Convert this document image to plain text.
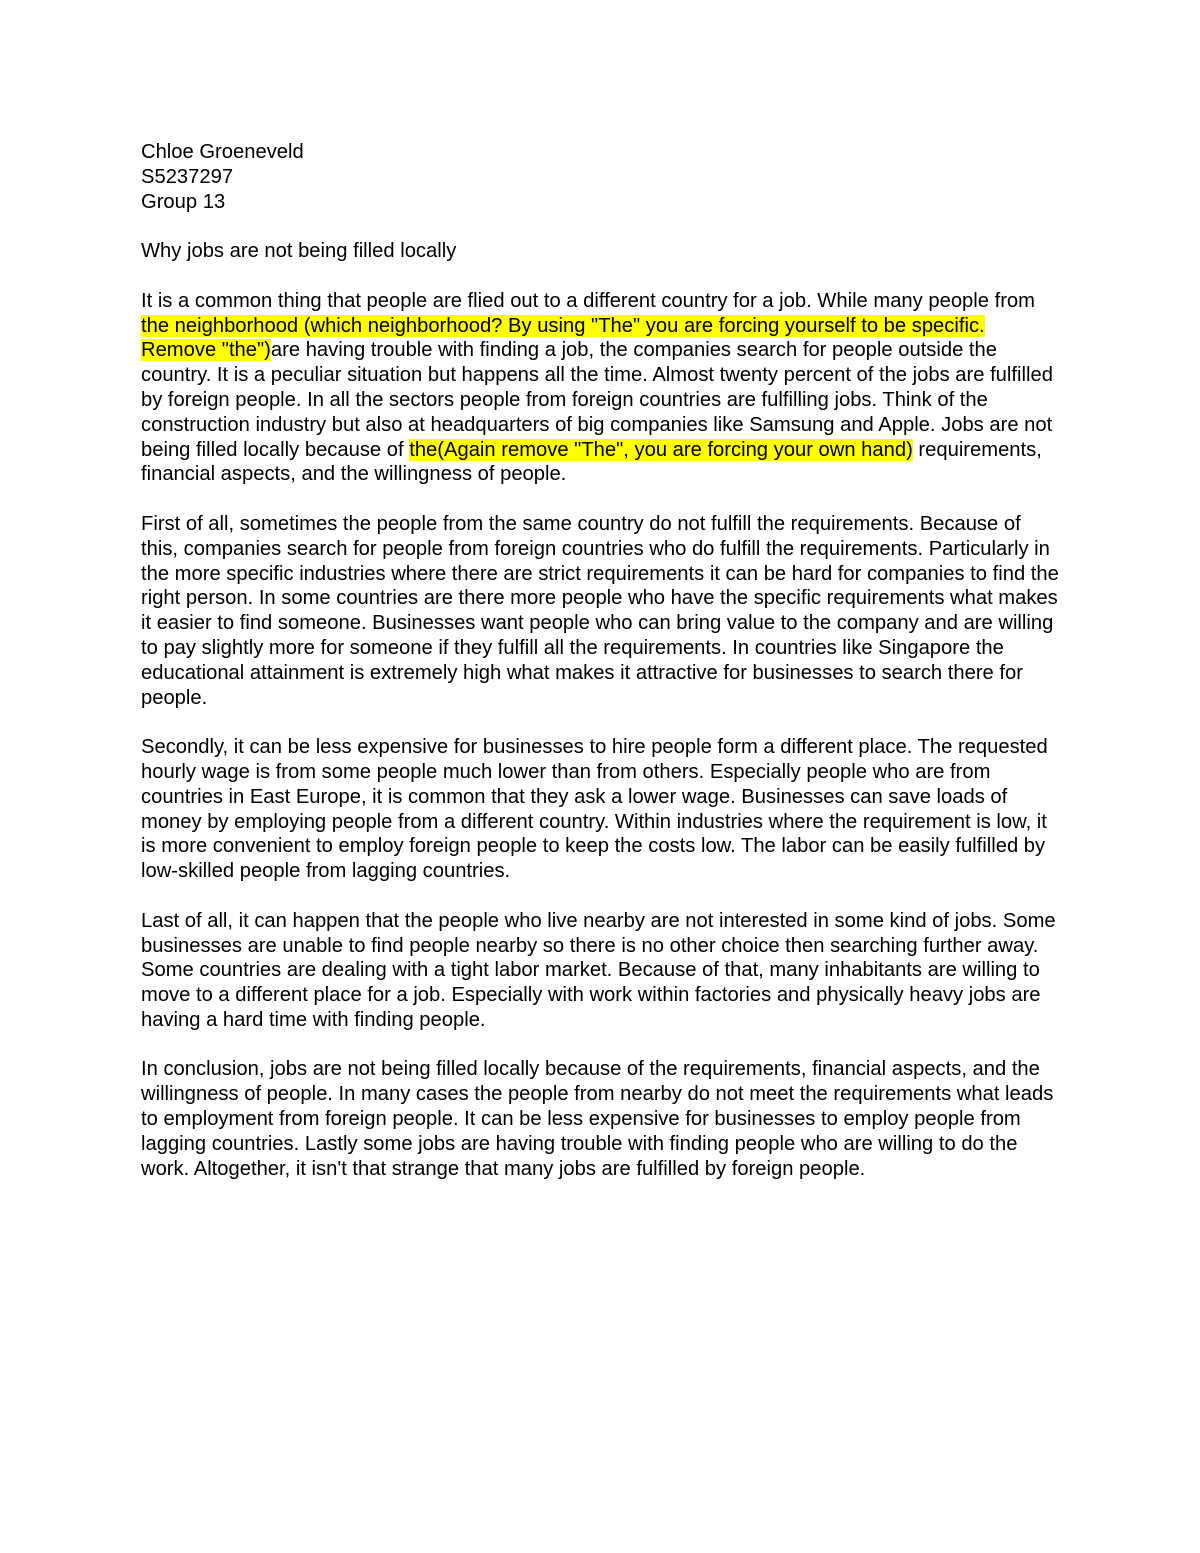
Chloe Groeneveld
S5237297
Group 13
Why jobs are not being filled locally

It is a common thing that people are flied out to a different country for a job. While many people from the neighborhood (which neighborhood? By using "The" you are forcing yourself to be specific. Remove "the")are having trouble with finding a job, the companies search for people outside the country. It is a peculiar situation but happens all the time. Almost twenty percent of the jobs are fulfilled by foreign people. In all the sectors people from foreign countries are fulfilling jobs. Think of the construction industry but also at headquarters of big companies like Samsung and Apple. Jobs are not being filled locally because of the(Again remove "The", you are forcing your own hand) requirements, financial aspects, and the willingness of people.

First of all, sometimes the people from the same country do not fulfill the requirements. Because of this, companies search for people from foreign countries who do fulfill the requirements. Particularly in the more specific industries where there are strict requirements it can be hard for companies to find the right person. In some countries are there more people who have the specific requirements what makes it easier to find someone. Businesses want people who can bring value to the company and are willing to pay slightly more for someone if they fulfill all the requirements. In countries like Singapore the educational attainment is extremely high what makes it attractive for businesses to search there for people.

Secondly, it can be less expensive for businesses to hire people form a different place. The requested hourly wage is from some people much lower than from others. Especially people who are from countries in East Europe, it is common that they ask a lower wage. Businesses can save loads of money by employing people from a different country. Within industries where the requirement is low, it is more convenient to employ foreign people to keep the costs low. The labor can be easily fulfilled by low-skilled people from lagging countries.

Last of all, it can happen that the people who live nearby are not interested in some kind of jobs. Some businesses are unable to find people nearby so there is no other choice then searching further away. Some countries are dealing with a tight labor market. Because of that, many inhabitants are willing to move to a different place for a job. Especially with work within factories and physically heavy jobs are having a hard time with finding people.

In conclusion, jobs are not being filled locally because of the requirements, financial aspects, and the willingness of people. In many cases the people from nearby do not meet the requirements what leads to employment from foreign people. It can be less expensive for businesses to employ people from lagging countries. Lastly some jobs are having trouble with finding people who are willing to do the work. Altogether, it isn't that strange that many jobs are fulfilled by foreign people.
